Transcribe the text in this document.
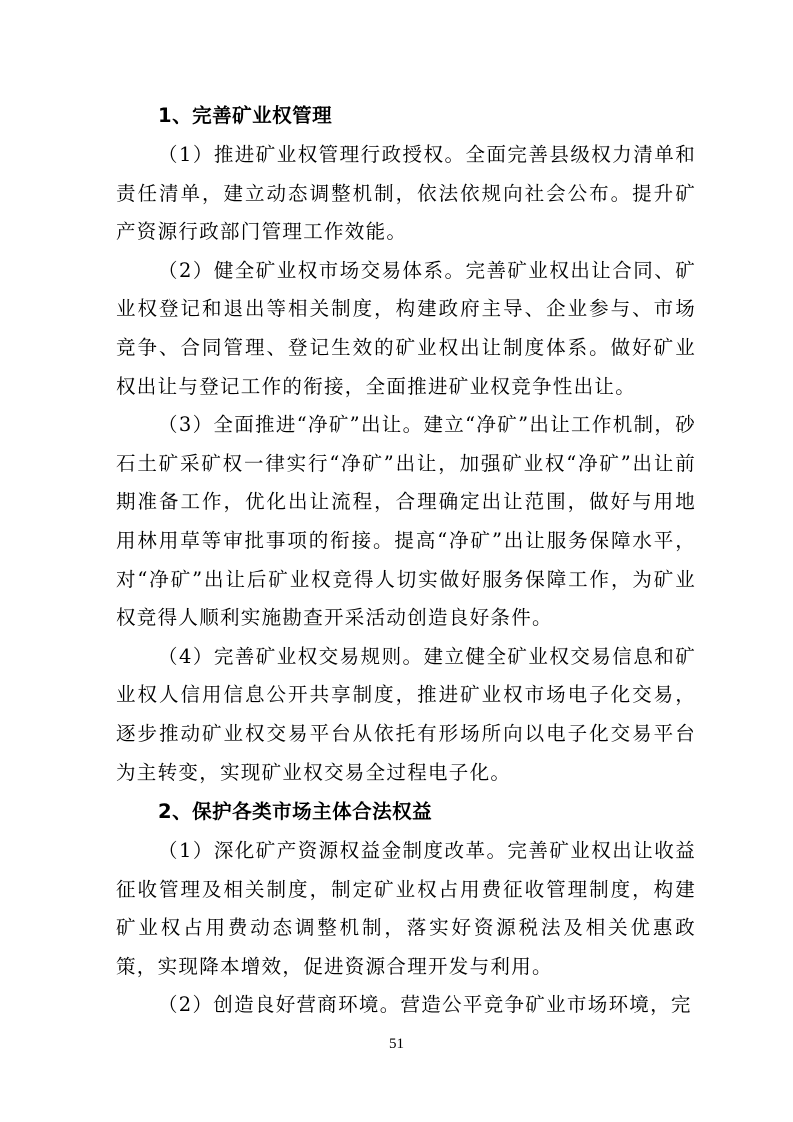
1、完善矿业权管理

（1）推进矿业权管理行政授权。全面完善县级权力清单和责任清单，建立动态调整机制，依法依规向社会公布。提升矿产资源行政部门管理工作效能。

（2）健全矿业权市场交易体系。完善矿业权出让合同、矿业权登记和退出等相关制度，构建政府主导、企业参与、市场竞争、合同管理、登记生效的矿业权出让制度体系。做好矿业权出让与登记工作的衔接，全面推进矿业权竞争性出让。

（3）全面推进“净矿”出让。建立“净矿”出让工作机制，砂石土矿采矿权一律实行“净矿”出让，加强矿业权“净矿”出让前期准备工作，优化出让流程，合理确定出让范围，做好与用地用林用草等审批事项的衔接。提高“净矿”出让服务保障水平，对“净矿”出让后矿业权竞得人切实做好服务保障工作，为矿业权竞得人顺利实施勘查开采活动创造良好条件。

（4）完善矿业权交易规则。建立健全矿业权交易信息和矿业权人信用信息公开共享制度，推进矿业权市场电子化交易，逐步推动矿业权交易平台从依托有形场所向以电子化交易平台为主转变，实现矿业权交易全过程电子化。

2、保护各类市场主体合法权益

（1）深化矿产资源权益金制度改革。完善矿业权出让收益征收管理及相关制度，制定矿业权占用费征收管理制度，构建矿业权占用费动态调整机制，落实好资源税法及相关优惠政策，实现降本增效，促进资源合理开发与利用。

（2）创造良好营商环境。营造公平竞争矿业市场环境，完

51
